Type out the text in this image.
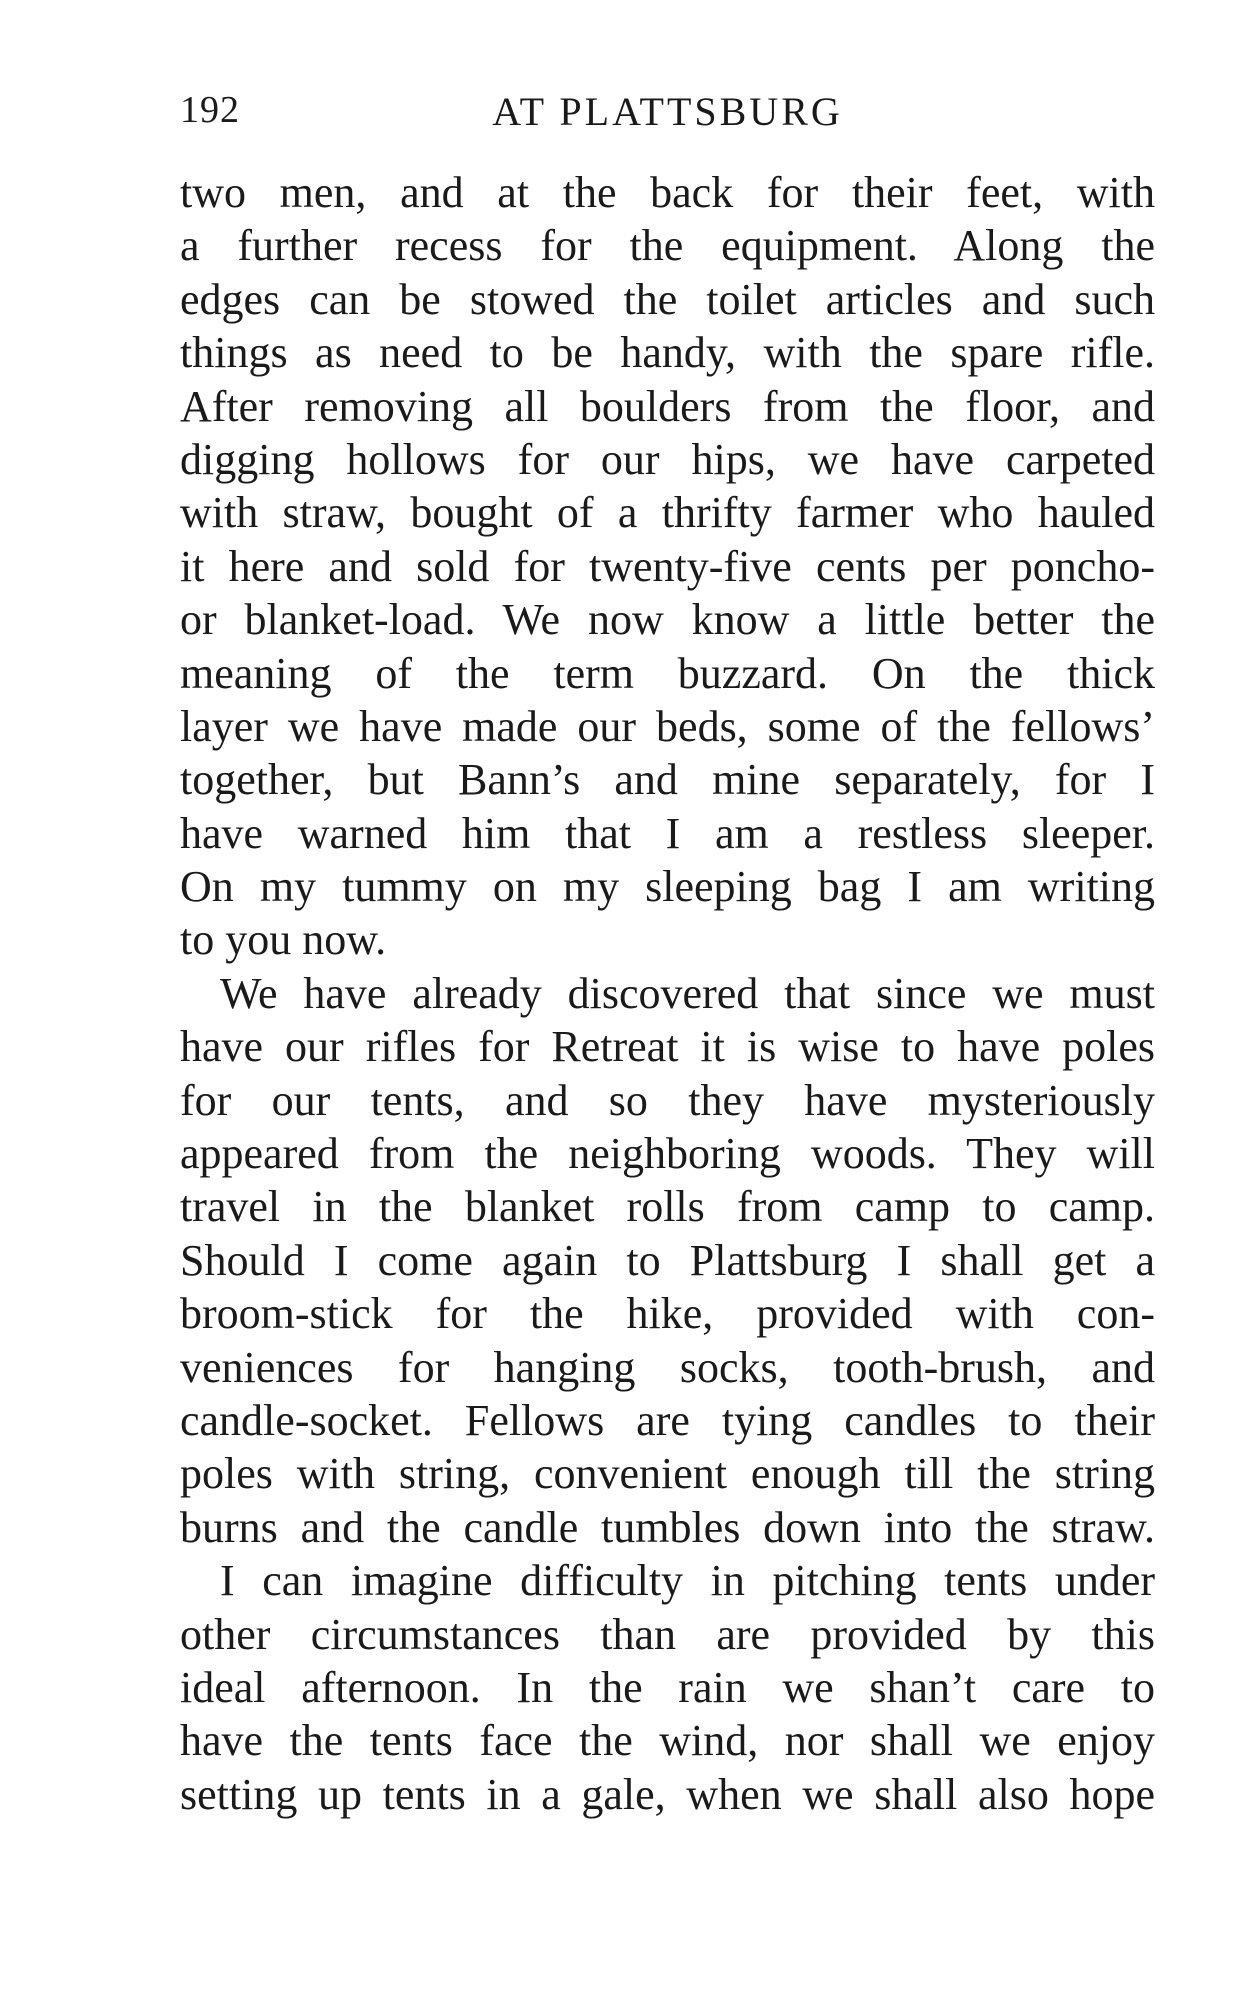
192	AT PLATTSBURG
two men, and at the back for their feet, with
a further recess for the equipment. Along the
edges can be stowed the toilet articles and such
things as need to be handy, with the spare rifle.
After removing all boulders from the floor, and
digging hollows for our hips, we have carpeted
with straw, bought of a thrifty farmer who hauled
it here and sold for twenty-five cents per poncho-
or blanket-load. We now know a little better the
meaning of the term buzzard. On the thick
layer we have made our beds, some of the fellows’
together, but Bann’s and mine separately, for I
have warned him that I am a restless sleeper.
On my tummy on my sleeping bag I am writing
to you now.
We have already discovered that since we must
have our rifles for Retreat it is wise to have poles
for our tents, and so they have mysteriously
appeared from the neighboring woods. They will
travel in the blanket rolls from camp to camp.
Should I come again to Plattsburg I shall get a
broom-stick for the hike, provided with con-
veniences for hanging socks, tooth-brush, and
candle-socket. Fellows are tying candles to their
poles with string, convenient enough till the string
burns and the candle tumbles down into the straw.
I can imagine difficulty in pitching tents under
other circumstances than are provided by this
ideal afternoon. In the rain we shan’t care to
have the tents face the wind, nor shall we enjoy
setting up tents in a gale, when we shall also hope
